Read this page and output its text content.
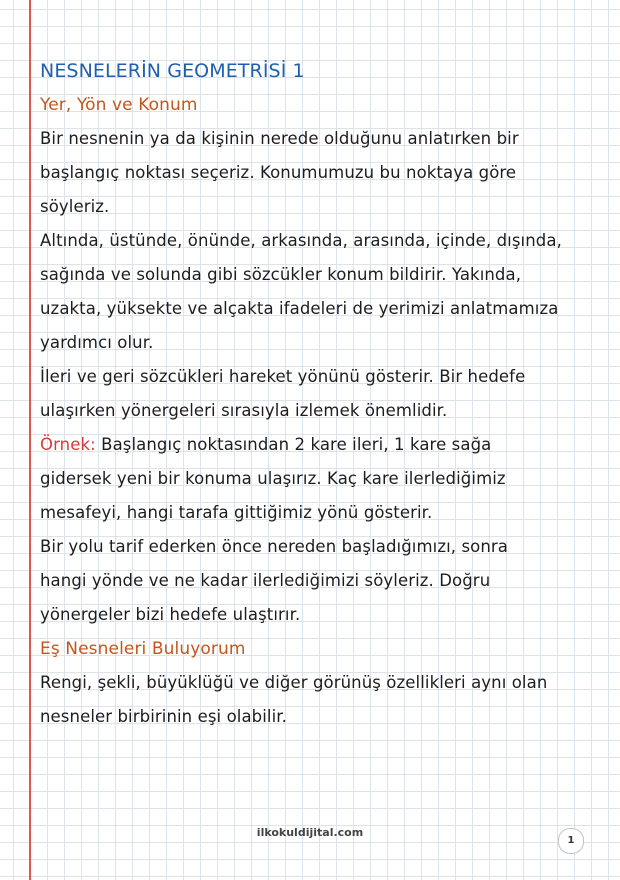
NESNELERİN GEOMETRİSİ 1
Yer, Yön ve Konum
Bir nesnenin ya da kişinin nerede olduğunu anlatırken bir
başlangıç noktası seçeriz. Konumumuzu bu noktaya göre
söyleriz.
Altında, üstünde, önünde, arkasında, arasında, içinde, dışında,
sağında ve solunda gibi sözcükler konum bildirir. Yakında,
uzakta, yüksekte ve alçakta ifadeleri de yerimizi anlatmamıza
yardımcı olur.
İleri ve geri sözcükleri hareket yönünü gösterir. Bir hedefe
ulaşırken yönergeleri sırasıyla izlemek önemlidir.
Örnek: Başlangıç noktasından 2 kare ileri, 1 kare sağa
gidersek yeni bir konuma ulaşırız. Kaç kare ilerlediğimiz
mesafeyi, hangi tarafa gittiğimiz yönü gösterir.
Bir yolu tarif ederken önce nereden başladığımızı, sonra
hangi yönde ve ne kadar ilerlediğimizi söyleriz. Doğru
yönergeler bizi hedefe ulaştırır.
Eş Nesneleri Buluyorum
Rengi, şekli, büyüklüğü ve diğer görünüş özellikleri aynı olan
nesneler birbirinin eşi olabilir.
ilkokuldijital.com
1
